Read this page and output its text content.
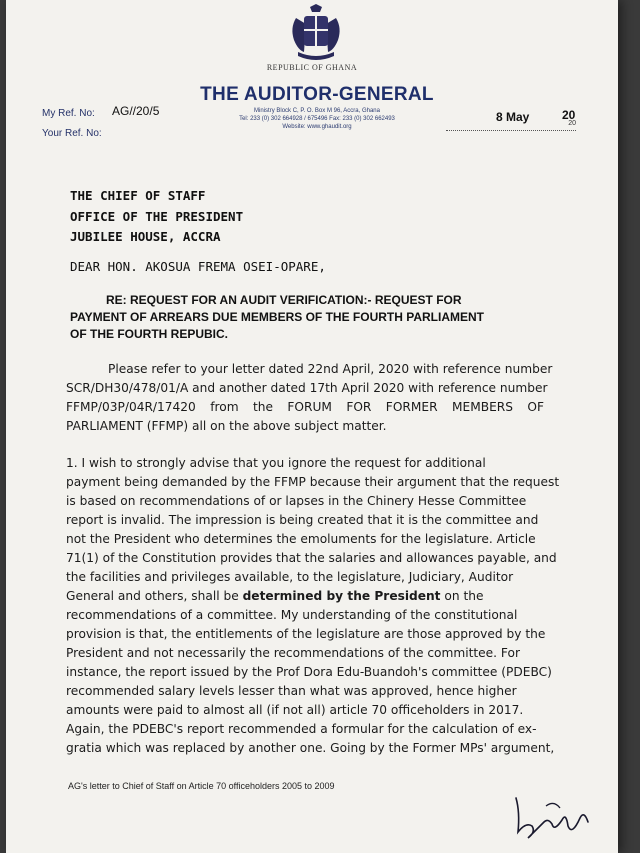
REPUBLIC OF GHANA
THE AUDITOR-GENERAL
Ministry Block C, P. O. Box M 96, Accra, Ghana
Tel: 233 (0) 302 664928 / 675496 Fax: 233 (0) 302 662493
Website: www.ghaudit.org
My Ref. No: AG//20/5
Your Ref. No:
20
8 May	20
THE CHIEF OF STAFF
OFFICE OF THE PRESIDENT
JUBILEE HOUSE, ACCRA
DEAR HON. AKOSUA FREMA OSEI-OPARE,
RE: REQUEST FOR AN AUDIT VERIFICATION:- REQUEST FOR
PAYMENT OF ARREARS DUE MEMBERS OF THE FOURTH PARLIAMENT
OF THE FOURTH REPUBIC.
Please refer to your letter dated 22nd April, 2020 with reference number
SCR/DH30/478/01/A and another dated 17th April 2020 with reference number
FFMP/03P/04R/17420 from the FORUM FOR FORMER MEMBERS OF
PARLIAMENT (FFMP) all on the above subject matter.
1. I wish to strongly advise that you ignore the request for additional
payment being demanded by the FFMP because their argument that the request
is based on recommendations of or lapses in the Chinery Hesse Committee
report is invalid. The impression is being created that it is the committee and
not the President who determines the emoluments for the legislature. Article
71(1) of the Constitution provides that the salaries and allowances payable, and
the facilities and privileges available, to the legislature, Judiciary, Auditor
General and others, shall be determined by the President on the
recommendations of a committee. My understanding of the constitutional
provision is that, the entitlements of the legislature are those approved by the
President and not necessarily the recommendations of the committee. For
instance, the report issued by the Prof Dora Edu-Buandoh's committee (PDEBC)
recommended salary levels lesser than what was approved, hence higher
amounts were paid to almost all (if not all) article 70 officeholders in 2017.
Again, the PDEBC's report recommended a formular for the calculation of ex-
gratia which was replaced by another one. Going by the Former MPs' argument,
AG's letter to Chief of Staff on Article 70 officeholders 2005 to 2009
